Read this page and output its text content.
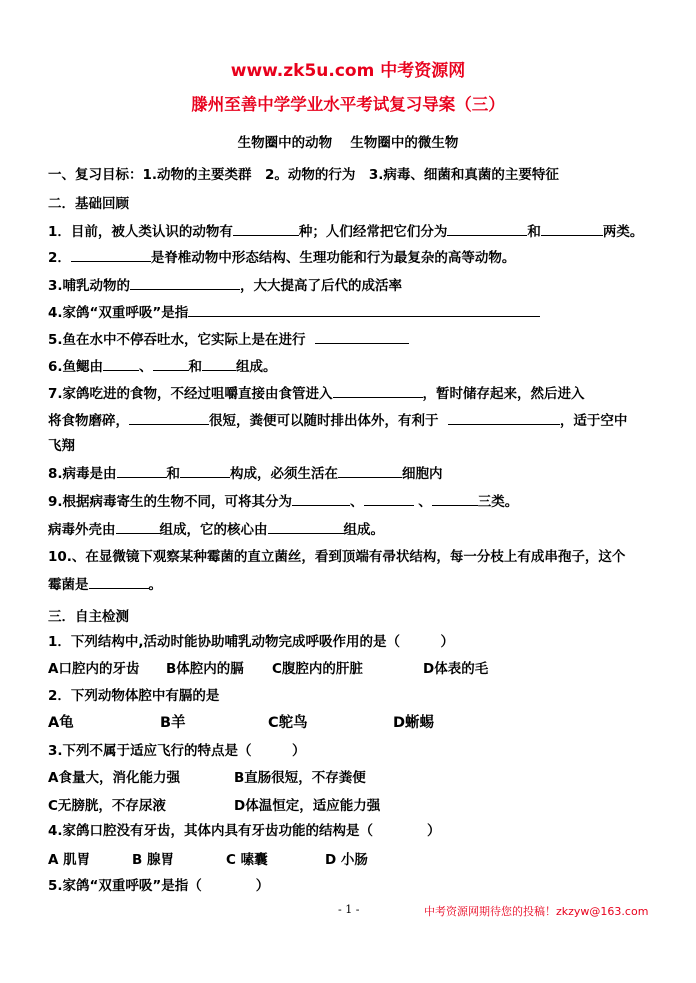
www.zk5u.com 中考资源网
滕州至善中学学业水平考试复习导案（三）
生物圈中的动物　 生物圈中的微生物
一、复习目标：1.动物的主要类群　2。动物的行为　3.病毒、细菌和真菌的主要特征
二．基础回顾
1．目前，被人类认识的动物有	种；人们经常把它们分为	和	两类。
2．	是脊椎动物中形态结构、生理功能和行为最复杂的高等动物。
3.哺乳动物的	，大大提高了后代的成活率
4.家鸽“双重呼吸”是指
5.鱼在水中不停吞吐水，它实际上是在进行
6.鱼鳃由	、	和	组成。
7.家鸽吃进的食物，不经过咀嚼直接由食管进入	，暂时储存起来，然后进入
将食物磨碎，	很短，粪便可以随时排出体外，有利于	，适于空中
飞翔
8.病毒是由	和	构成，必须生活在	细胞内
9.根据病毒寄生的生物不同，可将其分为	、	、	三类。
病毒外壳由	组成，它的核心由	组成。
10.、在显微镜下观察某种霉菌的直立菌丝，看到顶端有帚状结构，每一分枝上有成串孢子，这个
霉菌是	。
三．自主检测
1．下列结构中,活动时能协助哺乳动物完成呼吸作用的是（　　　）
A口腔内的牙齿 B体腔内的膈 C腹腔内的肝脏	D体表的毛
2．下列动物体腔中有膈的是
A龟	B羊	C鸵鸟	D蜥蜴
3.下列不属于适应飞行的特点是（　　　）
A食量大，消化能力强	B直肠很短，不存粪便
C无膀胱，不存尿液	D体温恒定，适应能力强
4.家鸽口腔没有牙齿，其体内具有牙齿功能的结构是（　　　　）
A 肌胃	B 腺胃	C 嗉囊	D 小肠
5.家鸽“双重呼吸”是指（　　　　）
- 1 -	中考资源网期待您的投稿！zkzyw@163.com
